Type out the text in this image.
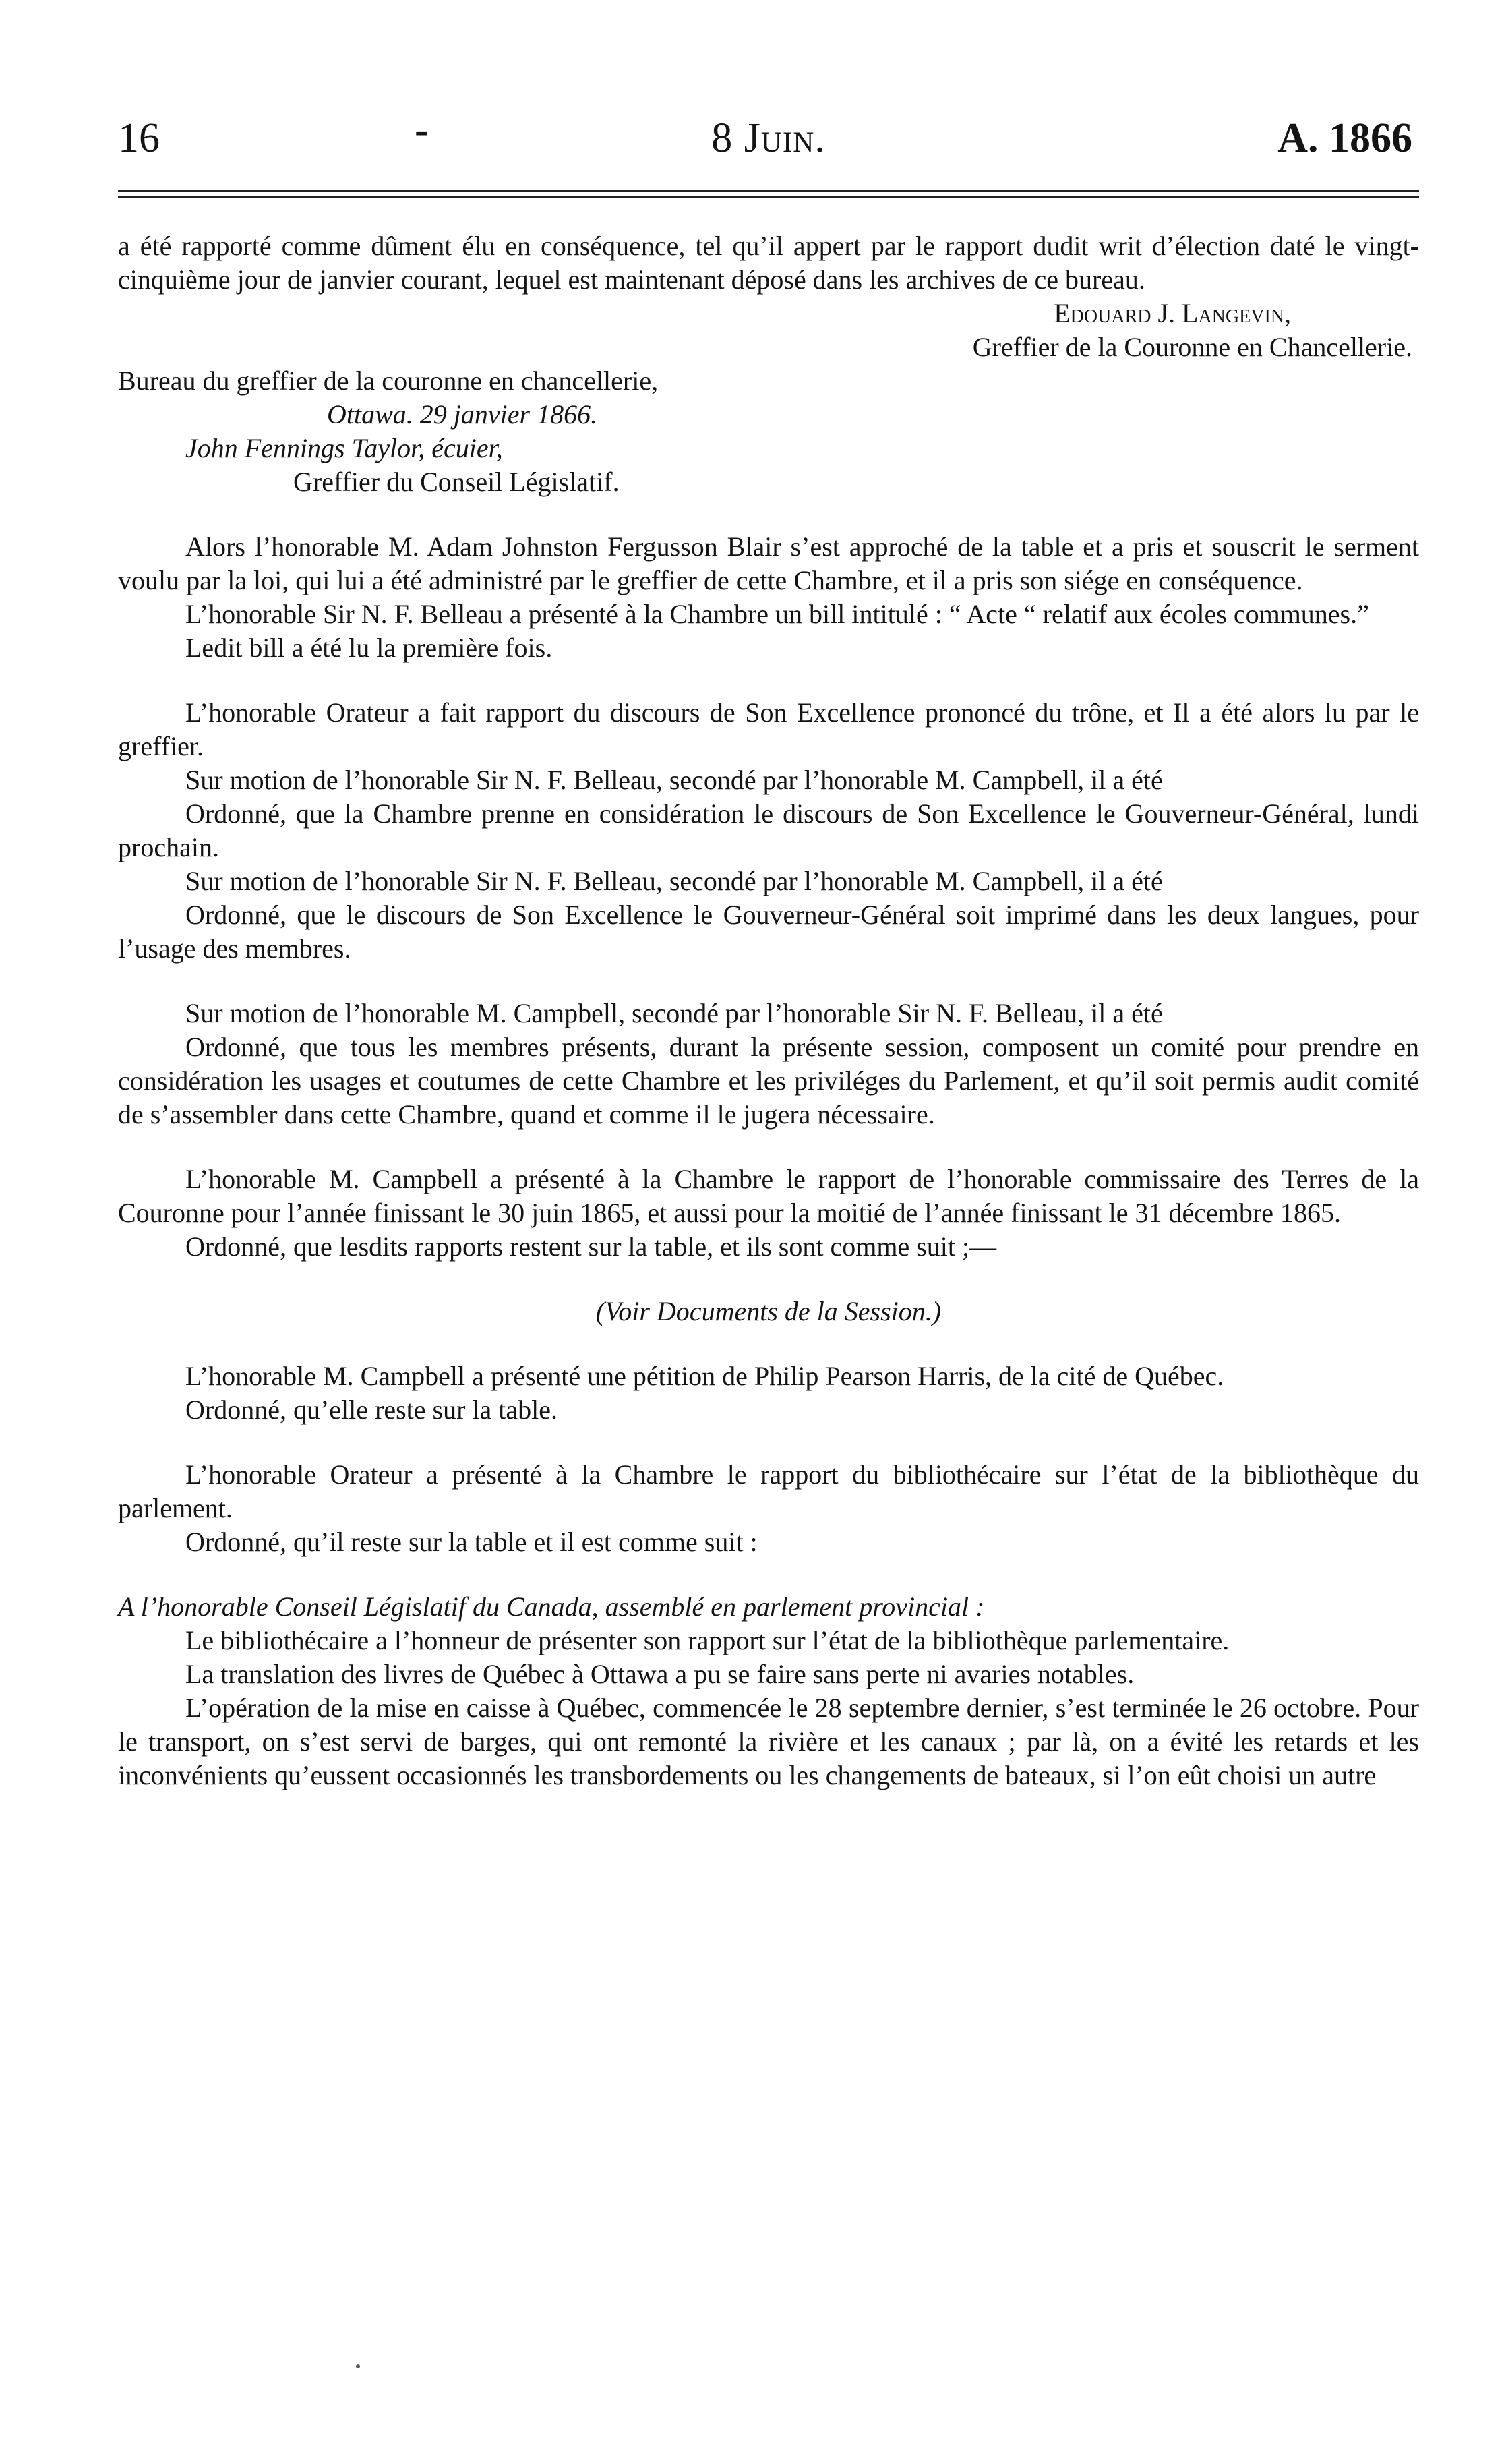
16	-	8 Juin.	A. 1866

a été rapporté comme dûment élu en conséquence, tel qu’il appert par le rapport dudit writ d’élection daté le vingt-cinquième jour de janvier courant, lequel est maintenant déposé dans les archives de ce bureau.

Edouard J. Langevin,

Greffier de la Couronne en Chancellerie.

Bureau du greffier de la couronne en chancellerie,

Ottawa. 29 janvier 1866.

John Fennings Taylor, écuier,

Greffier du Conseil Législatif.

Alors l’honorable M. Adam Johnston Fergusson Blair s’est approché de la table et a pris et souscrit le serment voulu par la loi, qui lui a été administré par le greffier de cette Chambre, et il a pris son siége en conséquence.

L’honorable Sir N. F. Belleau a présenté à la Chambre un bill intitulé : “ Acte “ relatif aux écoles communes.”

Ledit bill a été lu la première fois.

L’honorable Orateur a fait rapport du discours de Son Excellence prononcé du trône, et Il a été alors lu par le greffier.

Sur motion de l’honorable Sir N. F. Belleau, secondé par l’honorable M. Campbell, il a été

Ordonné, que la Chambre prenne en considération le discours de Son Excellence le Gouverneur-Général, lundi prochain.

Sur motion de l’honorable Sir N. F. Belleau, secondé par l’honorable M. Campbell, il a été

Ordonné, que le discours de Son Excellence le Gouverneur-Général soit imprimé dans les deux langues, pour l’usage des membres.

Sur motion de l’honorable M. Campbell, secondé par l’honorable Sir N. F. Belleau, il a été

Ordonné, que tous les membres présents, durant la présente session, composent un comité pour prendre en considération les usages et coutumes de cette Chambre et les priviléges du Parlement, et qu’il soit permis audit comité de s’assembler dans cette Chambre, quand et comme il le jugera nécessaire.

L’honorable M. Campbell a présenté à la Chambre le rapport de l’honorable commissaire des Terres de la Couronne pour l’année finissant le 30 juin 1865, et aussi pour la moitié de l’année finissant le 31 décembre 1865.

Ordonné, que lesdits rapports restent sur la table, et ils sont comme suit ;—

(Voir Documents de la Session.)

L’honorable M. Campbell a présenté une pétition de Philip Pearson Harris, de la cité de Québec.

Ordonné, qu’elle reste sur la table.

L’honorable Orateur a présenté à la Chambre le rapport du bibliothécaire sur l’état de la bibliothèque du parlement.

Ordonné, qu’il reste sur la table et il est comme suit :

A l’honorable Conseil Législatif du Canada, assemblé en parlement provincial :

Le bibliothécaire a l’honneur de présenter son rapport sur l’état de la bibliothèque parlementaire.

La translation des livres de Québec à Ottawa a pu se faire sans perte ni avaries notables.

L’opération de la mise en caisse à Québec, commencée le 28 septembre dernier, s’est terminée le 26 octobre. Pour le transport, on s’est servi de barges, qui ont remonté la rivière et les canaux ; par là, on a évité les retards et les inconvénients qu’eussent occasionnés les transbordements ou les changements de bateaux, si l’on eût choisi un autre
